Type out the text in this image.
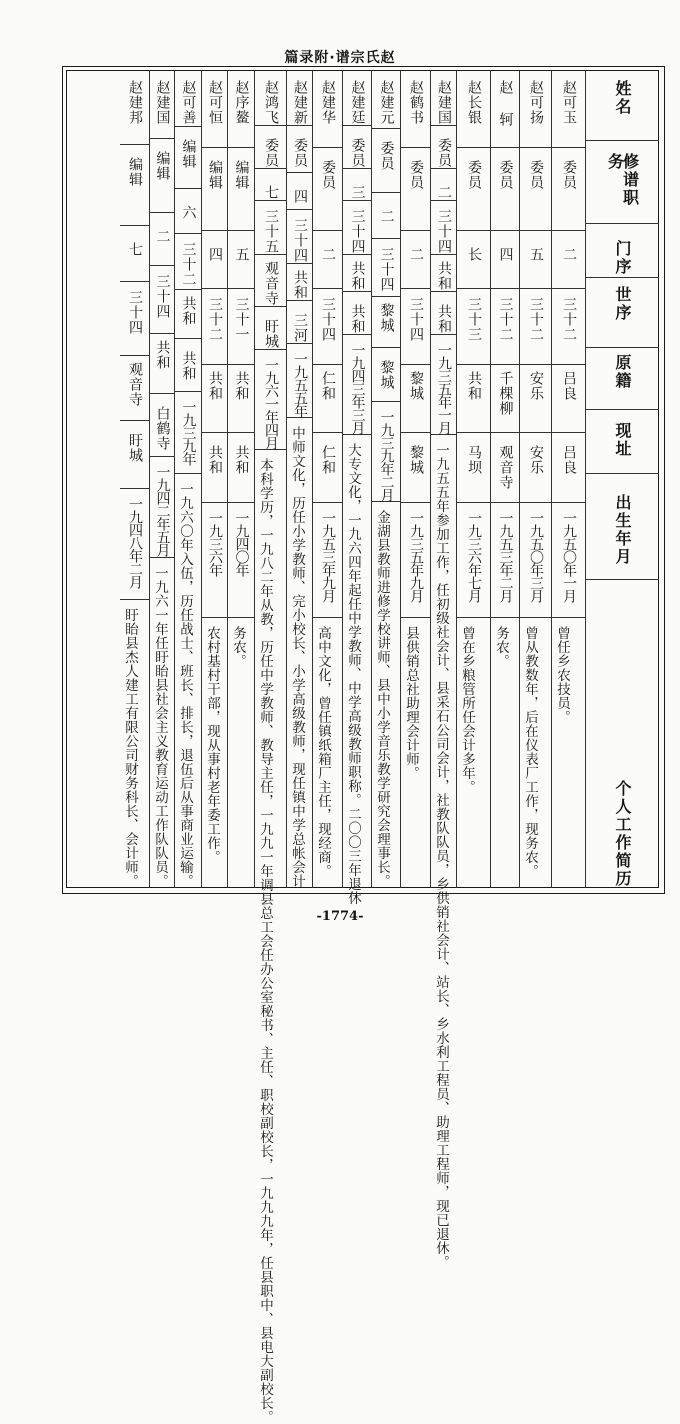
篇录附·谱宗氏赵
姓名
修谱职务
门序
世序
原籍
现址
出生年月
个人工作简历
赵可玉
委员
二
三十二
吕良
吕良
一九五〇年一月
曾任乡农技员。
赵可扬
委员
五
三十二
安乐
安乐
一九五〇年三月
曾从教数年，后在仪表厂工作，现务农。
赵 轲
委员
四
三十二
千棵柳
观音寺
一九五三年二月
务农。
赵长银
委员
长
三十三
共和
马坝
一九三六年七月
曾在乡粮管所任会计多年。
赵建国
委员
二
三十四
共和
共和
一九三五年一月
一九五五年参加工作，任初级社会计、县采石公司会计，社教队队员，乡供销社会计、站长、乡水利工程员、助理工程师，现已退休。
赵鹤书
委员
二
三十四
黎城
黎城
一九三五年九月
县供销总社助理会计师。
赵建元
委员
二
三十四
黎城
黎城
一九三九年二月
金湖县教师进修学校讲师、县中小学音乐教学研究会理事长。
赵建廷
委员
三
三十四
共和
共和
一九四三年三月
大专文化，一九六四年起任中学教师、中学高级教师职称。二〇〇三年退休
赵建华
委员
二
三十四
仁和
仁和
一九五三年九月
高中文化，曾任镇纸箱厂主任，现经商。
赵建新
委员
四
三十四
共和
三河
一九五五年
中师文化，历任小学教师、完小校长、小学高级教师，现任镇中学总帐会计
赵鸿飞
委员
七
三十五
观音寺
盱城
一九六一年四月
本科学历，一九八二年从教，历任中学教师、教导主任，一九九一年调县总工会任办公室秘书、主任、职校副校长，一九九九年，任县职中、县电大副校长。
赵序鳌
编辑
五
三十一
共和
共和
一九四〇年
务农。
赵可恒
编辑
四
三十二
共和
共和
一九三六年
农村基村干部，现从事村老年委工作。
赵可善
编辑
六
三十二
共和
共和
一九三九年
一九六〇年入伍，历任战士、班长、排长，退伍后从事商业运输。
赵建国
编辑
二
三十四
共和
白鹤寺
一九四二年五月
一九六一年任盱眙县社会主义教育运动工作队队员。
赵建邦
编辑
七
三十四
观音寺
盱城
一九四八年二月
盱眙县杰人建工有限公司财务科长、会计师。
-1774-
